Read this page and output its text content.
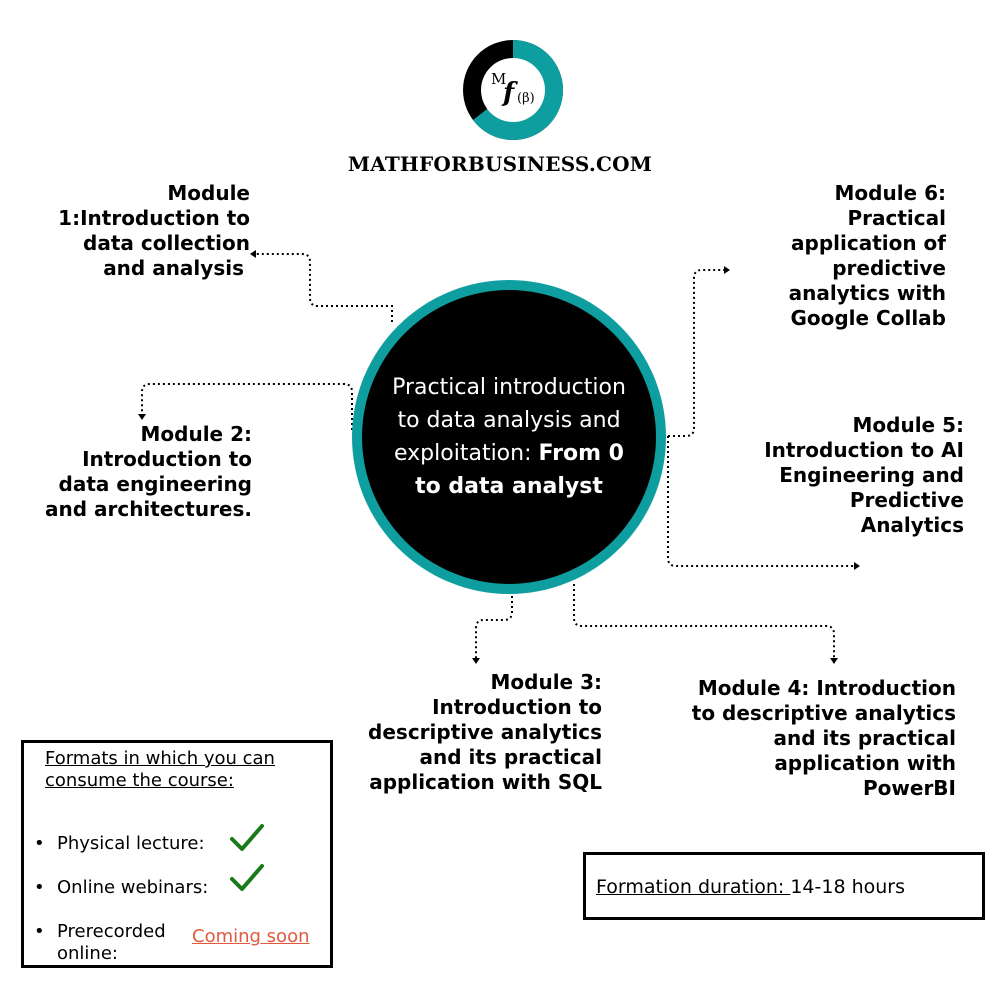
M
f (β)
MATHFORBUSINESS.COM
Practical introduction to data analysis and exploitation: From 0 to data analyst
Module
1:Introduction to
data collection
and analysis
Module 2:
Introduction to
data engineering
and architectures.
Module 3:
Introduction to
descriptive analytics
and its practical
application with SQL
Module 4: Introduction
to descriptive analytics
and its practical
application with
PowerBI
Module 5:
Introduction to AI
Engineering and
Predictive
Analytics
Module 6:
Practical
application of
predictive
analytics with
Google Collab
Formats in which you can consume the course:
• Physical lecture:
• Online webinars:
• Prerecorded online:
Coming soon
Formation duration: 14-18 hours
